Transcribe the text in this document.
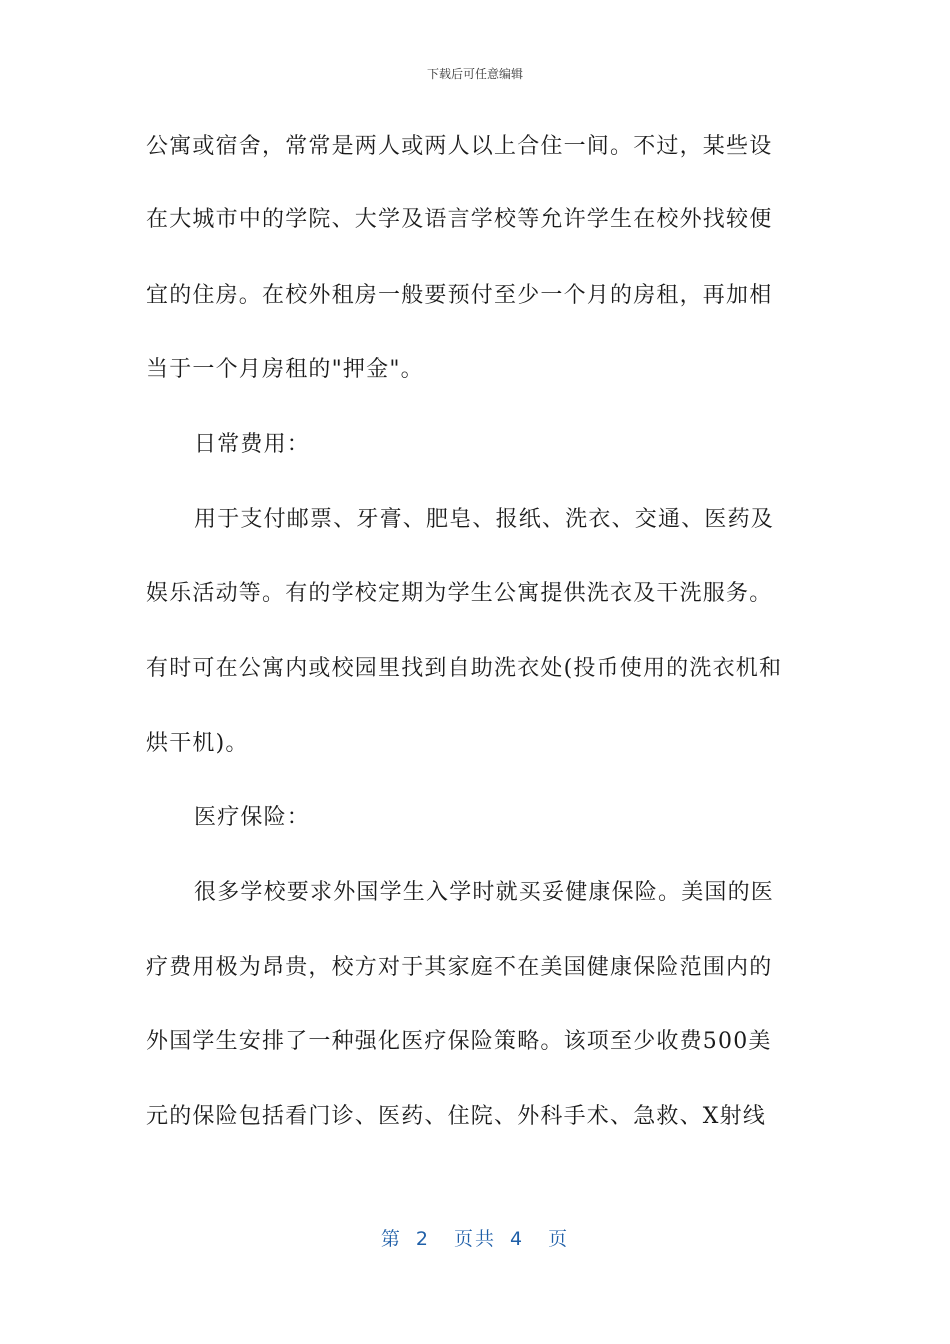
下载后可任意编辑
公寓或宿舍，常常是两人或两人以上合住一间。不过，某些设
在大城市中的学院、大学及语言学校等允许学生在校外找较便
宜的住房。在校外租房一般要预付至少一个月的房租，再加相
当于一个月房租的"押金"。
日常费用：
用于支付邮票、牙膏、肥皂、报纸、洗衣、交通、医药及
娱乐活动等。有的学校定期为学生公寓提供洗衣及干洗服务。
有时可在公寓内或校园里找到自助洗衣处(投币使用的洗衣机和
烘干机)。
医疗保险：
很多学校要求外国学生入学时就买妥健康保险。美国的医
疗费用极为昂贵，校方对于其家庭不在美国健康保险范围内的
外国学生安排了一种强化医疗保险策略。该项至少收费500美
元的保险包括看门诊、医药、住院、外科手术、急救、X射线
第 2 页共 4 页
